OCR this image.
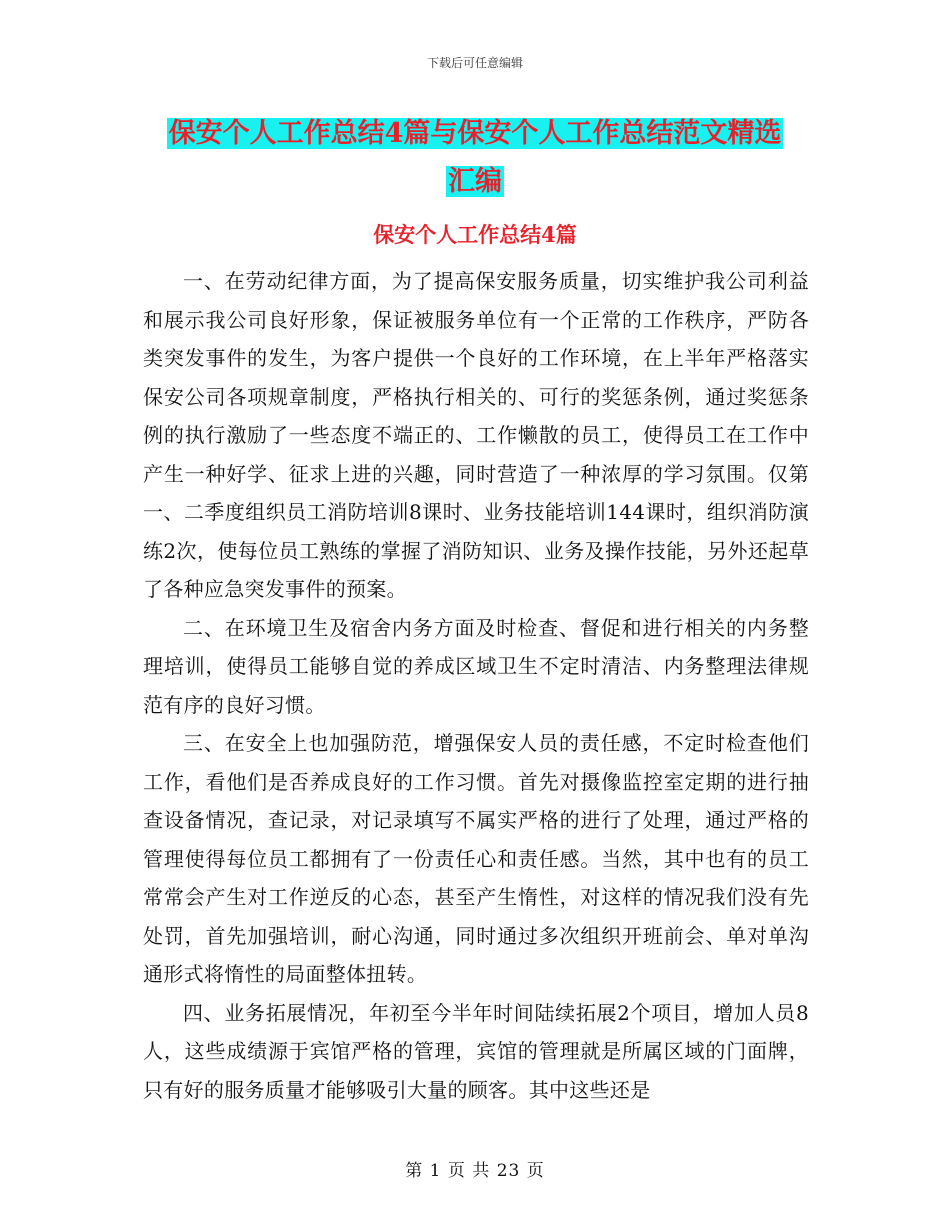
下载后可任意编辑
保安个人工作总结4篇与保安个人工作总结范文精选
汇编
保安个人工作总结4篇

一、在劳动纪律方面，为了提高保安服务质量，切实维护我公司利益和展示我公司良好形象，保证被服务单位有一个正常的工作秩序，严防各类突发事件的发生，为客户提供一个良好的工作环境，在上半年严格落实保安公司各项规章制度，严格执行相关的、可行的奖惩条例，通过奖惩条例的执行激励了一些态度不端正的、工作懒散的员工，使得员工在工作中产生一种好学、征求上进的兴趣，同时营造了一种浓厚的学习氛围。仅第一、二季度组织员工消防培训8课时、业务技能培训144课时，组织消防演练2次，使每位员工熟练的掌握了消防知识、业务及操作技能，另外还起草了各种应急突发事件的预案。

二、在环境卫生及宿舍内务方面及时检查、督促和进行相关的内务整理培训，使得员工能够自觉的养成区域卫生不定时清洁、内务整理法律规范有序的良好习惯。

三、在安全上也加强防范，增强保安人员的责任感，不定时检查他们工作，看他们是否养成良好的工作习惯。首先对摄像监控室定期的进行抽查设备情况，查记录，对记录填写不属实严格的进行了处理，通过严格的管理使得每位员工都拥有了一份责任心和责任感。当然，其中也有的员工常常会产生对工作逆反的心态，甚至产生惰性，对这样的情况我们没有先处罚，首先加强培训，耐心沟通，同时通过多次组织开班前会、单对单沟通形式将惰性的局面整体扭转。

四、业务拓展情况，年初至今半年时间陆续拓展2个项目，增加人员8人，这些成绩源于宾馆严格的管理，宾馆的管理就是所属区域的门面牌，只有好的服务质量才能够吸引大量的顾客。其中这些还是

第 1 页 共 23 页
